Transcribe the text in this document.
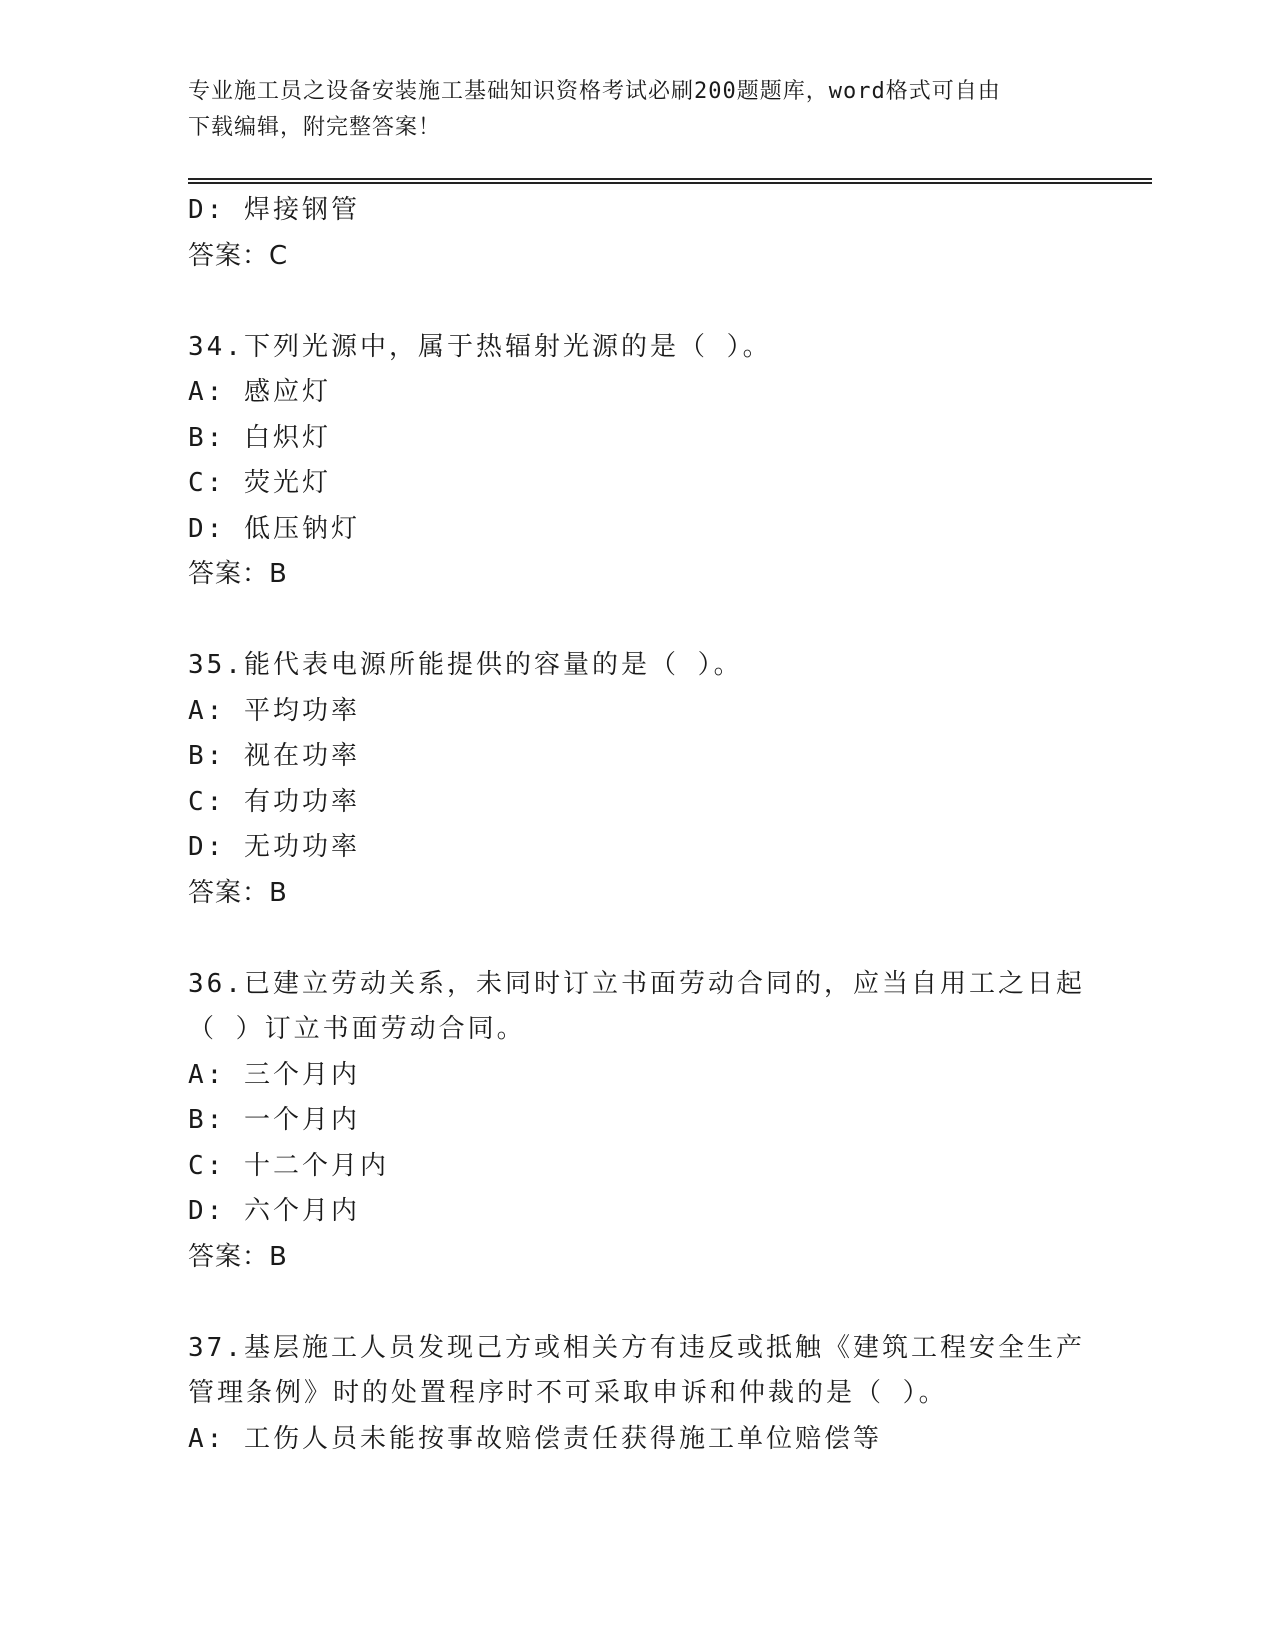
专业施工员之设备安装施工基础知识资格考试必刷200题题库，word格式可自由
下载编辑，附完整答案！
D: 焊接钢管
答案：C
34.下列光源中，属于热辐射光源的是（ ）。
A: 感应灯
B: 白炽灯
C: 荧光灯
D: 低压钠灯
答案：B
35.能代表电源所能提供的容量的是（ ）。
A: 平均功率
B: 视在功率
C: 有功功率
D: 无功功率
答案：B
36.已建立劳动关系，未同时订立书面劳动合同的，应当自用工之日起
（ ）订立书面劳动合同。
A: 三个月内
B: 一个月内
C: 十二个月内
D: 六个月内
答案：B
37.基层施工人员发现己方或相关方有违反或抵触《建筑工程安全生产
管理条例》时的处置程序时不可采取申诉和仲裁的是（ ）。
A: 工伤人员未能按事故赔偿责任获得施工单位赔偿等
